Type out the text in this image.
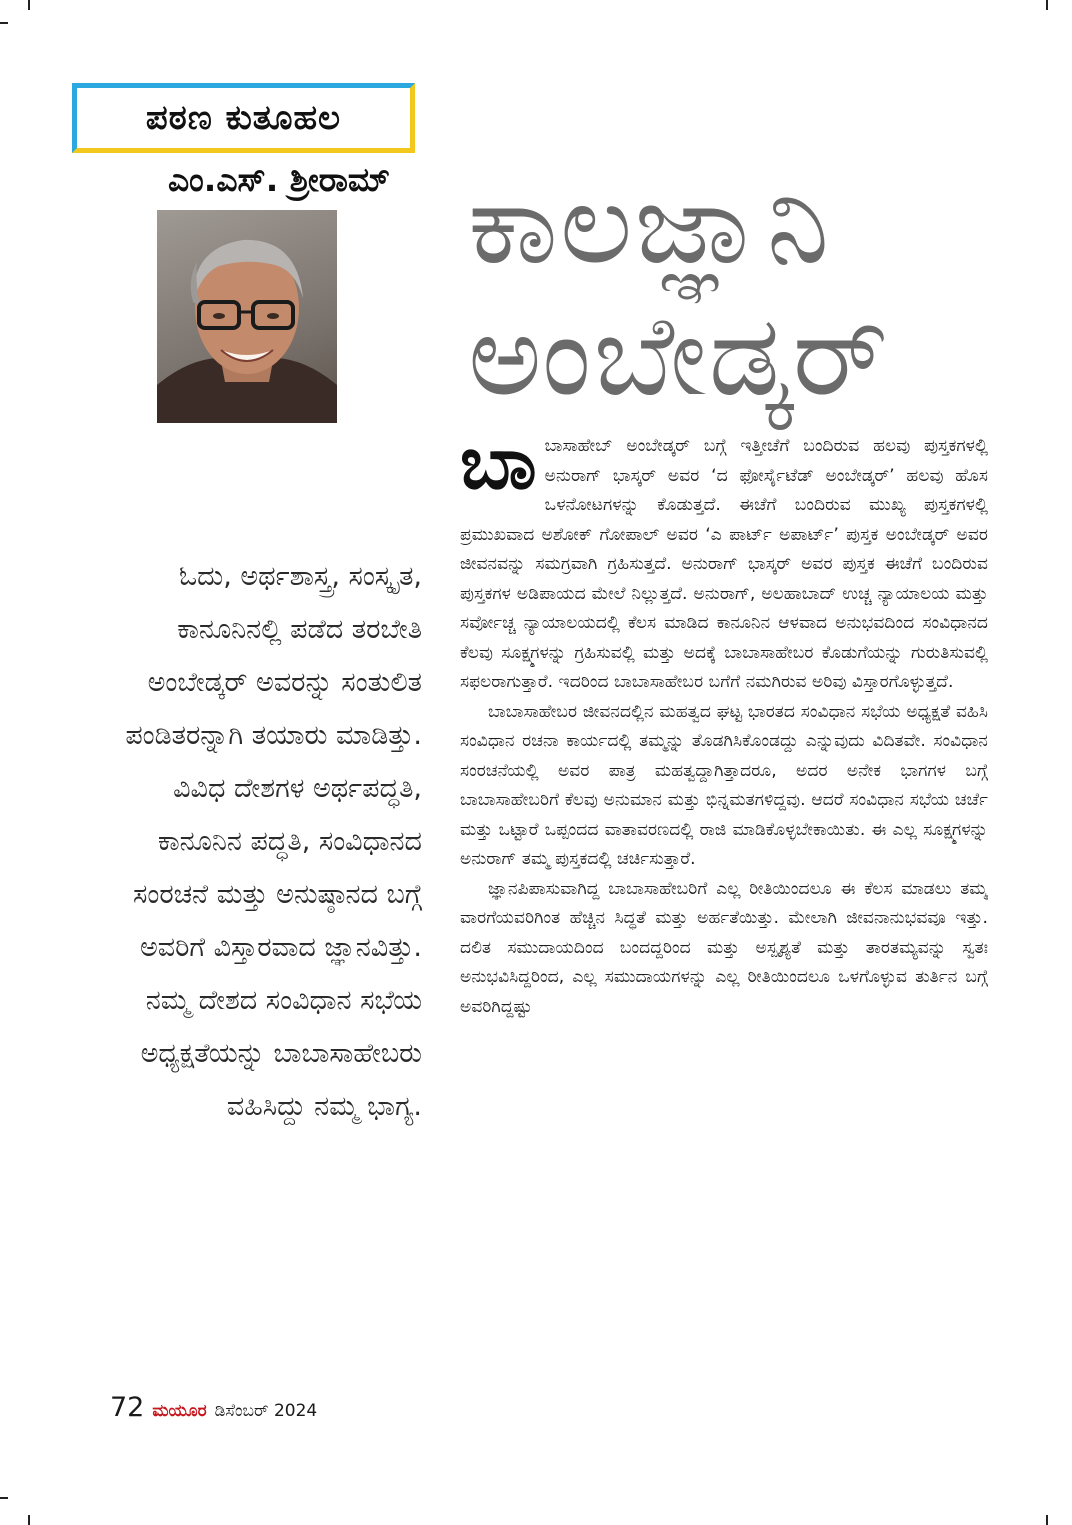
ಪಠಣ ಕುತೂಹಲ
ಎಂ.ಎಸ್. ಶ್ರೀರಾಮ್ ಕಾಲಜ್ಞಾನಿ
ಅಂಬೇಡ್ಕರ್

ಓದು, ಅರ್ಥಶಾಸ್ತ್ರ, ಸಂಸ್ಕೃತ, ಕಾನೂನಿನಲ್ಲಿ ಪಡೆದ ತರಬೇತಿ ಅಂಬೇಡ್ಕರ್ ಅವರನ್ನು ಸಂತುಲಿತ ಪಂಡಿತರನ್ನಾಗಿ ತಯಾರು ಮಾಡಿತ್ತು. ವಿವಿಧ ದೇಶಗಳ ಅರ್ಥಪದ್ಧತಿ, ಕಾನೂನಿನ ಪದ್ಧತಿ, ಸಂವಿಧಾನದ ಸಂರಚನೆ ಮತ್ತು ಅನುಷ್ಠಾನದ ಬಗ್ಗೆ ಅವರಿಗೆ ವಿಸ್ತಾರವಾದ ಜ್ಞಾನವಿತ್ತು. ನಮ್ಮ ದೇಶದ ಸಂವಿಧಾನ ಸಭೆಯ ಅಧ್ಯಕ್ಷತೆಯನ್ನು ಬಾಬಾಸಾಹೇಬರು ವಹಿಸಿದ್ದು ನಮ್ಮ ಭಾಗ್ಯ.

ಬಾಬಾಸಾಹೇಬ್ ಅಂಬೇಡ್ಕರ್ ಬಗ್ಗೆ ಇತ್ತೀಚೆಗೆ ಬಂದಿರುವ ಹಲವು ಪುಸ್ತಕಗಳಲ್ಲಿ ಅನುರಾಗ್ ಭಾಸ್ಕರ್ ಅವರ ‘ದ ಫೋರ್ಸೈಟೆಡ್ ಅಂಬೇಡ್ಕರ್’ ಹಲವು ಹೊಸ ಒಳನೋಟಗಳನ್ನು ಕೊಡುತ್ತದೆ. ಈಚೆಗೆ ಬಂದಿರುವ ಮುಖ್ಯ ಪುಸ್ತಕಗಳಲ್ಲಿ ಪ್ರಮುಖವಾದ ಅಶೋಕ್ ಗೋಪಾಲ್ ಅವರ ‘ಎ ಪಾರ್ಟ್ ಅಪಾರ್ಟ್’ ಪುಸ್ತಕ ಅಂಬೇಡ್ಕರ್ ಅವರ ಜೀವನವನ್ನು ಸಮಗ್ರವಾಗಿ ಗ್ರಹಿಸುತ್ತದೆ. ಅನುರಾಗ್ ಭಾಸ್ಕರ್ ಅವರ ಪುಸ್ತಕ ಈಚೆಗೆ ಬಂದಿರುವ ಪುಸ್ತಕಗಳ ಅಡಿಪಾಯದ ಮೇಲೆ ನಿಲ್ಲುತ್ತದೆ. ಅನುರಾಗ್, ಅಲಹಾಬಾದ್ ಉಚ್ಚ ನ್ಯಾಯಾಲಯ ಮತ್ತು ಸರ್ವೋಚ್ಚ ನ್ಯಾಯಾಲಯದಲ್ಲಿ ಕೆಲಸ ಮಾಡಿದ ಕಾನೂನಿನ ಆಳವಾದ ಅನುಭವದಿಂದ ಸಂವಿಧಾನದ ಕೆಲವು ಸೂಕ್ಷ್ಮಗಳನ್ನು ಗ್ರಹಿಸುವಲ್ಲಿ ಮತ್ತು ಅದಕ್ಕೆ ಬಾಬಾಸಾಹೇಬರ ಕೊಡುಗೆಯನ್ನು ಗುರುತಿಸುವಲ್ಲಿ ಸಫಲರಾಗುತ್ತಾರೆ. ಇದರಿಂದ ಬಾಬಾಸಾಹೇಬರ ಬಗೆಗೆ ನಮಗಿರುವ ಅರಿವು ವಿಸ್ತಾರಗೊಳ್ಳುತ್ತದೆ.

ಬಾಬಾಸಾಹೇಬರ ಜೀವನದಲ್ಲಿನ ಮಹತ್ವದ ಘಟ್ಟ ಭಾರತದ ಸಂವಿಧಾನ ಸಭೆಯ ಅಧ್ಯಕ್ಷತೆ ವಹಿಸಿ ಸಂವಿಧಾನ ರಚನಾ ಕಾರ್ಯದಲ್ಲಿ ತಮ್ಮನ್ನು ತೊಡಗಿಸಿಕೊಂಡದ್ದು ಎನ್ನುವುದು ವಿದಿತವೇ. ಸಂವಿಧಾನ ಸಂರಚನೆಯಲ್ಲಿ ಅವರ ಪಾತ್ರ ಮಹತ್ವದ್ದಾಗಿತ್ತಾದರೂ, ಅದರ ಅನೇಕ ಭಾಗಗಳ ಬಗ್ಗೆ ಬಾಬಾಸಾಹೇಬರಿಗೆ ಕೆಲವು ಅನುಮಾನ ಮತ್ತು ಭಿನ್ನಮತಗಳಿದ್ದವು. ಆದರೆ ಸಂವಿಧಾನ ಸಭೆಯ ಚರ್ಚೆ ಮತ್ತು ಒಟ್ಟಾರೆ ಒಪ್ಪಂದದ ವಾತಾವರಣದಲ್ಲಿ ರಾಜಿ ಮಾಡಿಕೊಳ್ಳಬೇಕಾಯಿತು. ಈ ಎಲ್ಲ ಸೂಕ್ಷ್ಮಗಳನ್ನು ಅನುರಾಗ್ ತಮ್ಮ ಪುಸ್ತಕದಲ್ಲಿ ಚರ್ಚಿಸುತ್ತಾರೆ.

ಜ್ಞಾನಪಿಪಾಸುವಾಗಿದ್ದ ಬಾಬಾಸಾಹೇಬರಿಗೆ ಎಲ್ಲ ರೀತಿಯಿಂದಲೂ ಈ ಕೆಲಸ ಮಾಡಲು ತಮ್ಮ ವಾರಗೆಯವರಿಗಿಂತ ಹೆಚ್ಚಿನ ಸಿದ್ಧತೆ ಮತ್ತು ಅರ್ಹತೆಯಿತ್ತು. ಮೇಲಾಗಿ ಜೀವನಾನುಭವವೂ ಇತ್ತು. ದಲಿತ ಸಮುದಾಯದಿಂದ ಬಂದದ್ದರಿಂದ ಮತ್ತು ಅಸ್ಪೃಶ್ಯತೆ ಮತ್ತು ತಾರತಮ್ಯವನ್ನು ಸ್ವತಃ ಅನುಭವಿಸಿದ್ದರಿಂದ, ಎಲ್ಲ ಸಮುದಾಯಗಳನ್ನು ಎಲ್ಲ ರೀತಿಯಿಂದಲೂ ಒಳಗೊಳ್ಳುವ ತುರ್ತಿನ ಬಗ್ಗೆ ಅವರಿಗಿದ್ದಷ್ಟು

72 ಮಯೂರ ಡಿಸೆಂಬರ್ 2024
